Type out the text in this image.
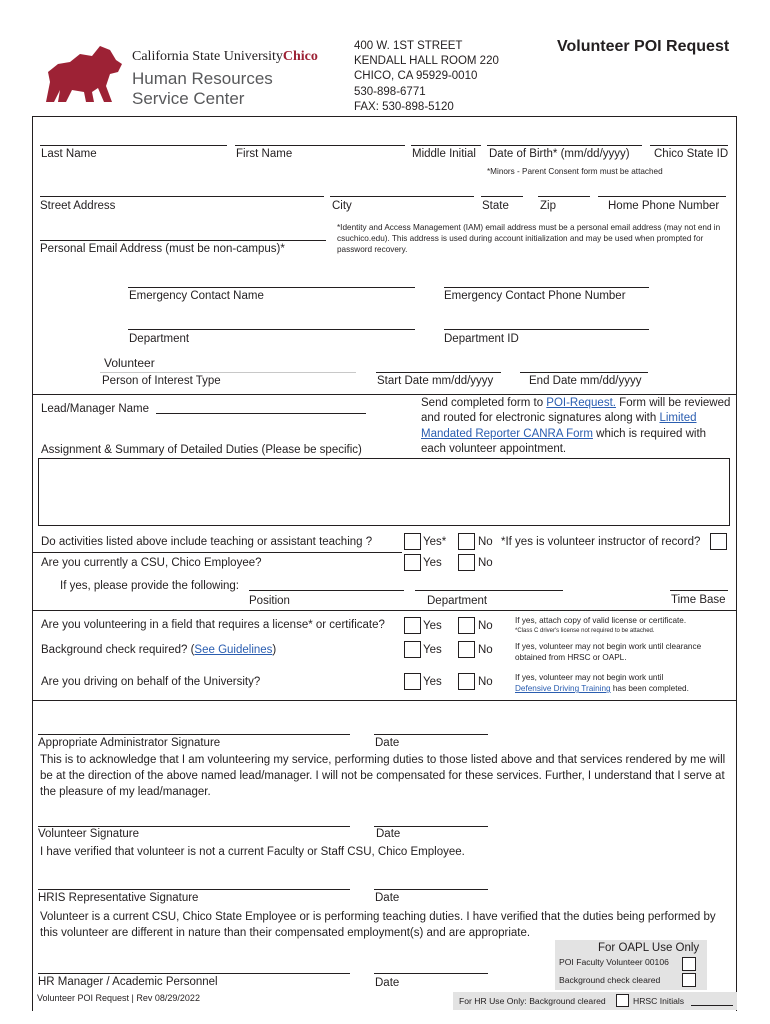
California State UniversityChico
Human Resources
Service Center
400 W. 1ST STREET
KENDALL HALL ROOM 220
CHICO, CA 95929-0010
530-898-6771
FAX: 530-898-5120
Volunteer POI Request
Last Name	First Name	Middle Initial Date of Birth* (mm/dd/yyyy) Chico State ID
*Minors - Parent Consent form must be attached
Street Address	City	State	Zip	Home Phone Number
*Identity and Access Management (IAM) email address must be a personal email address (may not end in csuchico.edu). This address is used during account initialization and may be used when prompted for password recovery.
Personal Email Address (must be non-campus)*
Emergency Contact Name	Emergency Contact Phone Number
Department	Department ID
Volunteer
Person of Interest Type	Start Date mm/dd/yyyy	End Date mm/dd/yyyy
Lead/Manager Name
Assignment & Summary of Detailed Duties (Please be specific)
Send completed form to POI-Request. Form will be reviewed and routed for electronic signatures along with Limited Mandated Reporter CANRA Form which is required with each volunteer appointment.
Do activities listed above include teaching or assistant teaching ?	Yes*	No *If yes is volunteer instructor of record?
Are you currently a CSU, Chico Employee?	Yes	No
If yes, please provide the following:
Position	Department	Time Base
Are you volunteering in a field that requires a license* or certificate?	Yes	No	If yes, attach copy of valid license or certificate.
*Class C driver's license not required to be attached.
Background check required? (See Guidelines)	Yes	No	If yes, volunteer may not begin work until clearance obtained from HRSC or OAPL.
Are you driving on behalf of the University?	Yes	No	If yes, volunteer may not begin work until
Defensive Driving Training has been completed.
Appropriate Administrator Signature	Date
This is to acknowledge that I am volunteering my service, performing duties to those listed above and that services rendered by me will be at the direction of the above named lead/manager. I will not be compensated for these services. Further, I understand that I serve at the pleasure of my lead/manager.
Volunteer Signature	Date
I have verified that volunteer is not a current Faculty or Staff CSU, Chico Employee.
HRIS Representative Signature	Date
Volunteer is a current CSU, Chico State Employee or is performing teaching duties. I have verified that the duties being performed by this volunteer are different in nature than their compensated employment(s) and are appropriate.
For OAPL Use Only
POI Faculty Volunteer 00106
Background check cleared
HR Manager / Academic Personnel	Date
Volunteer POI Request | Rev 08/29/2022	For HR Use Only: Background cleared	HRSC Initials
